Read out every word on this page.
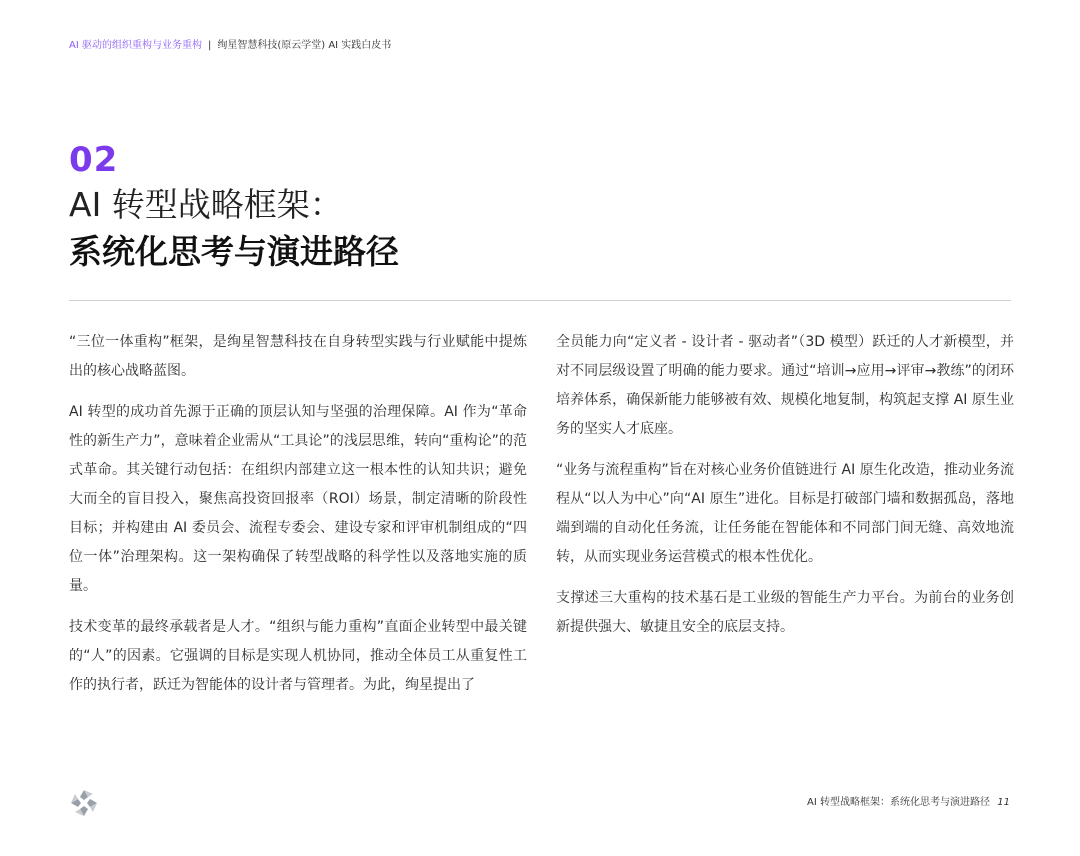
AI 驱动的组织重构与业务重构 | 绚星智慧科技(原云学堂) AI 实践白皮书
02
AI 转型战略框架：
系统化思考与演进路径

“三位一体重构”框架，是绚星智慧科技在自身转型实践与行业赋能中提炼出的核心战略蓝图。

AI 转型的成功首先源于正确的顶层认知与坚强的治理保障。AI 作为“革命性的新生产力”，意味着企业需从“工具论”的浅层思维，转向“重构论”的范式革命。其关键行动包括：在组织内部建立这一根本性的认知共识；避免大而全的盲目投入，聚焦高投资回报率（ROI）场景，制定清晰的阶段性目标；并构建由 AI 委员会、流程专委会、建设专家和评审机制组成的“四位一体”治理架构。这一架构确保了转型战略的科学性以及落地实施的质量。

技术变革的最终承载者是人才。“组织与能力重构”直面企业转型中最关键的“人”的因素。它强调的目标是实现人机协同，推动全体员工从重复性工作的执行者，跃迁为智能体的设计者与管理者。为此，绚星提出了

全员能力向“定义者 - 设计者 - 驱动者”（3D 模型）跃迁的人才新模型，并对不同层级设置了明确的能力要求。通过“培训→应用→评审→教练”的闭环培养体系，确保新能力能够被有效、规模化地复制，构筑起支撑 AI 原生业务的坚实人才底座。

“业务与流程重构”旨在对核心业务价值链进行 AI 原生化改造，推动业务流程从“以人为中心”向“AI 原生”进化。目标是打破部门墙和数据孤岛，落地端到端的自动化任务流，让任务能在智能体和不同部门间无缝、高效地流转，从而实现业务运营模式的根本性优化。

支撑述三大重构的技术基石是工业级的智能生产力平台。为前台的业务创新提供强大、敏捷且安全的底层支持。

AI 转型战略框架：系统化思考与演进路径 11
